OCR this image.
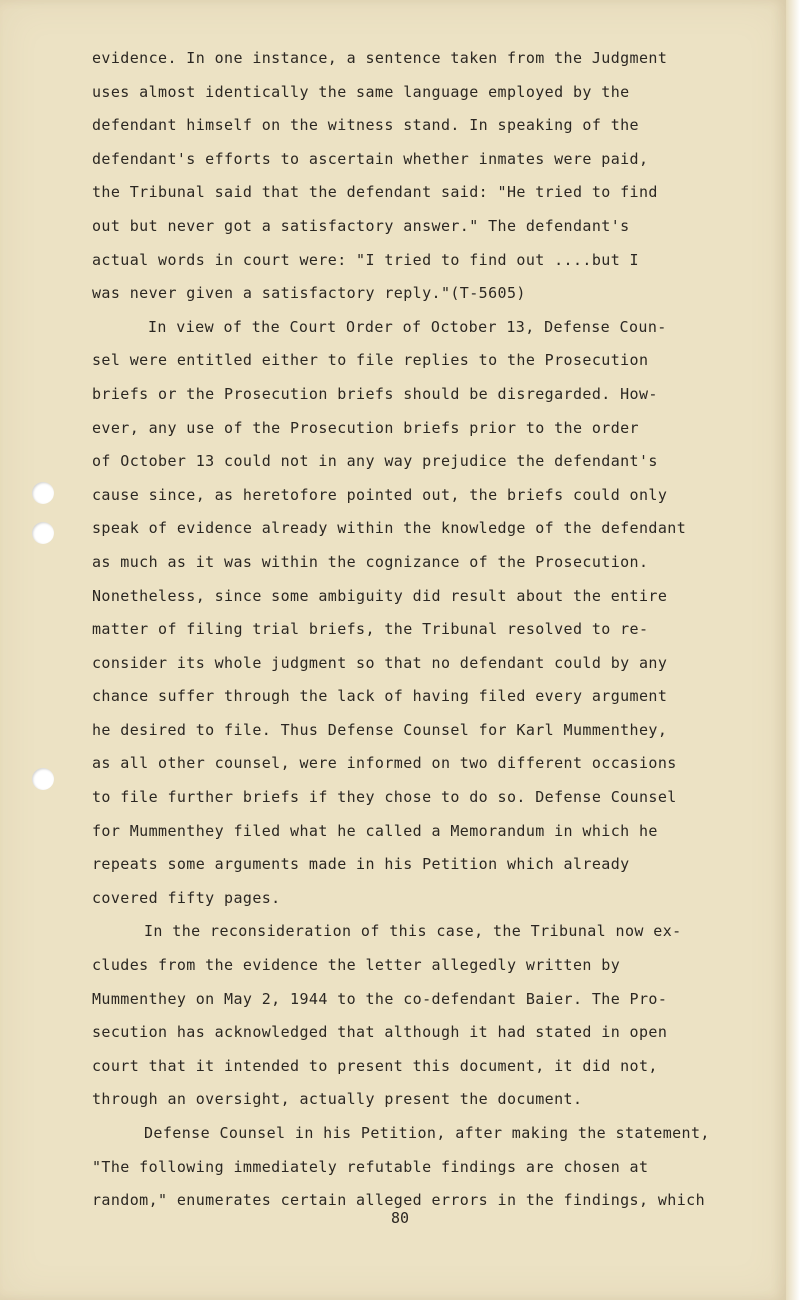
evidence. In one instance, a sentence taken from the Judgment
uses almost identically the same language employed by the
defendant himself on the witness stand. In speaking of the
defendant's efforts to ascertain whether inmates were paid,
the Tribunal said that the defendant said: "He tried to find
out but never got a satisfactory answer." The defendant's
actual words in court were: "I tried to find out ....but I
was never given a satisfactory reply."(T-5605)
In view of the Court Order of October 13, Defense Coun-
sel were entitled either to file replies to the Prosecution
briefs or the Prosecution briefs should be disregarded. How-
ever, any use of the Prosecution briefs prior to the order
of October 13 could not in any way prejudice the defendant's
cause since, as heretofore pointed out, the briefs could only
speak of evidence already within the knowledge of the defendant
as much as it was within the cognizance of the Prosecution.
Nonetheless, since some ambiguity did result about the entire
matter of filing trial briefs, the Tribunal resolved to re-
consider its whole judgment so that no defendant could by any
chance suffer through the lack of having filed every argument
he desired to file. Thus Defense Counsel for Karl Mummenthey,
as all other counsel, were informed on two different occasions
to file further briefs if they chose to do so. Defense Counsel
for Mummenthey filed what he called a Memorandum in which he
repeats some arguments made in his Petition which already
covered fifty pages.
In the reconsideration of this case, the Tribunal now ex-
cludes from the evidence the letter allegedly written by
Mummenthey on May 2, 1944 to the co-defendant Baier. The Pro-
secution has acknowledged that although it had stated in open
court that it intended to present this document, it did not,
through an oversight, actually present the document.
Defense Counsel in his Petition, after making the statement,
"The following immediately refutable findings are chosen at
random," enumerates certain alleged errors in the findings, which
80
